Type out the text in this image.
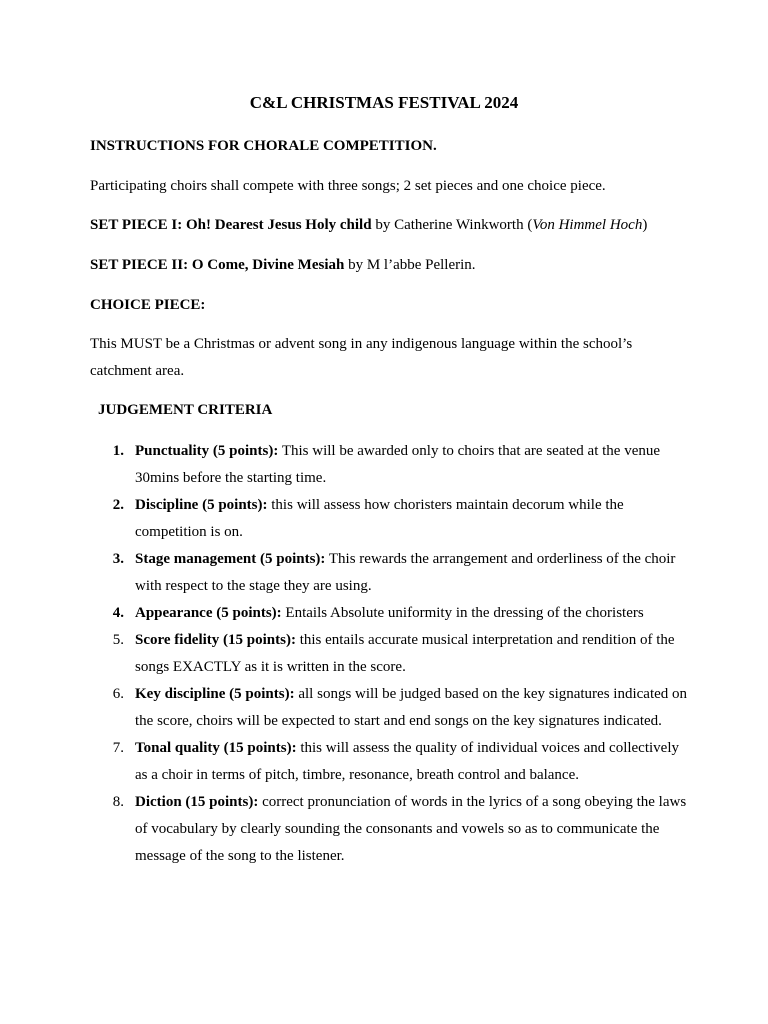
C&L CHRISTMAS FESTIVAL 2024
INSTRUCTIONS FOR CHORALE COMPETITION.
Participating choirs shall compete with three songs; 2 set pieces and one choice piece.
SET PIECE I: Oh! Dearest Jesus Holy child by Catherine Winkworth (Von Himmel Hoch)
SET PIECE II: O Come, Divine Mesiah by M l’abbe Pellerin.
CHOICE PIECE:
This MUST be a Christmas or advent song in any indigenous language within the school’s catchment area.
JUDGEMENT CRITERIA
1. Punctuality (5 points): This will be awarded only to choirs that are seated at the venue 30mins before the starting time.
2. Discipline (5 points): this will assess how choristers maintain decorum while the competition is on.
3. Stage management (5 points): This rewards the arrangement and orderliness of the choir with respect to the stage they are using.
4. Appearance (5 points): Entails Absolute uniformity in the dressing of the choristers
5. Score fidelity (15 points): this entails accurate musical interpretation and rendition of the songs EXACTLY as it is written in the score.
6. Key discipline (5 points): all songs will be judged based on the key signatures indicated on the score, choirs will be expected to start and end songs on the key signatures indicated.
7. Tonal quality (15 points): this will assess the quality of individual voices and collectively as a choir in terms of pitch, timbre, resonance, breath control and balance.
8. Diction (15 points): correct pronunciation of words in the lyrics of a song obeying the laws of vocabulary by clearly sounding the consonants and vowels so as to communicate the message of the song to the listener.
